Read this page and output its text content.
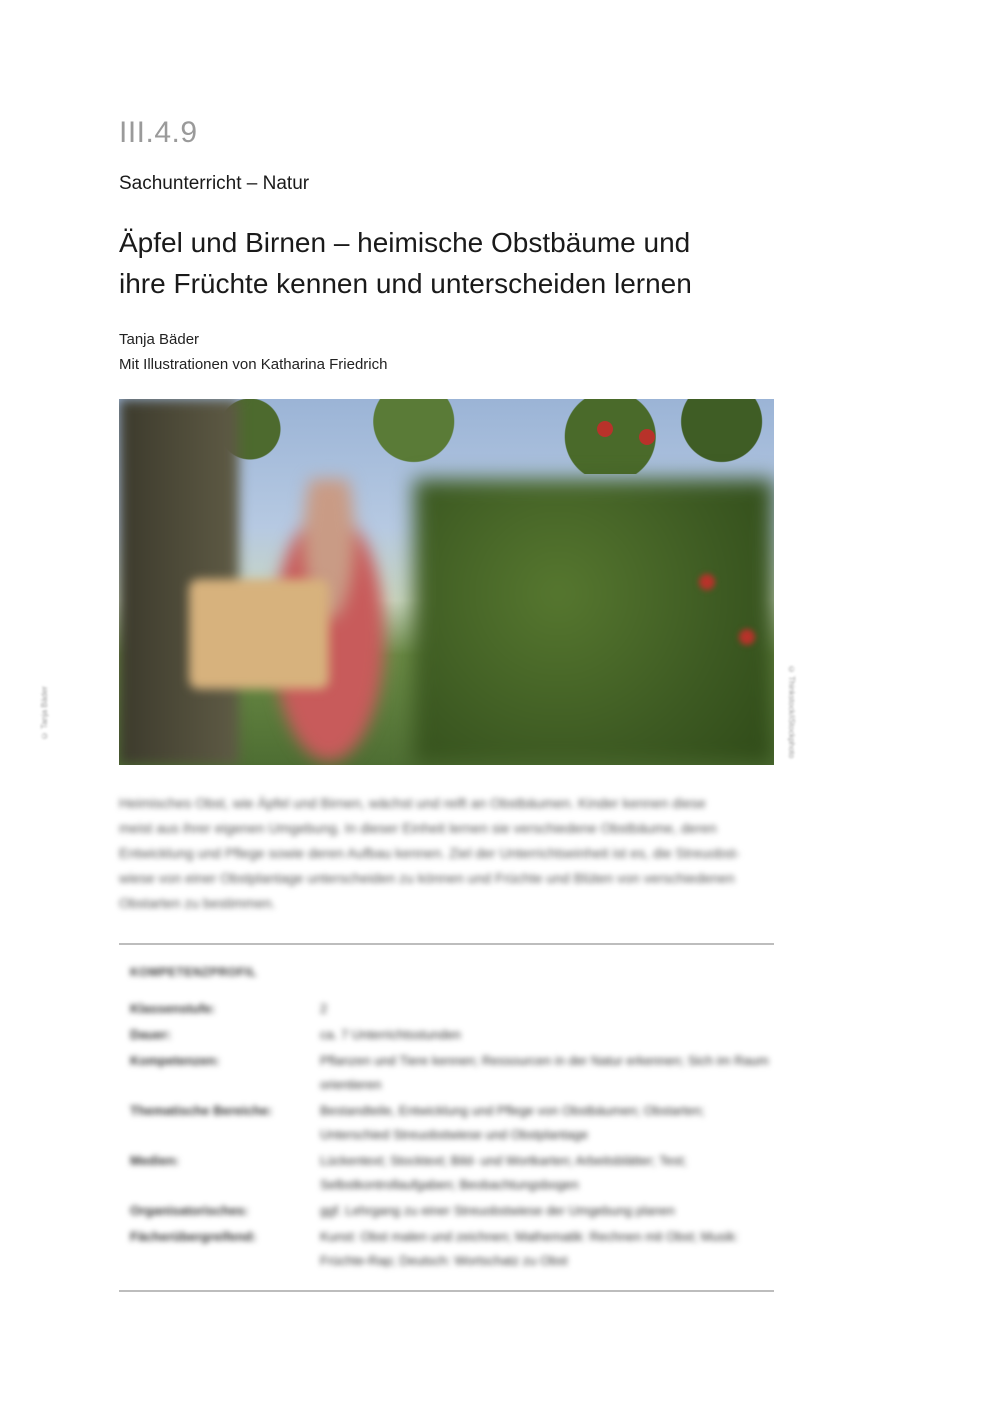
III.4.9
Sachunterricht – Natur
Äpfel und Birnen – heimische Obstbäume und
ihre Früchte kennen und unterscheiden lernen
Tanja Bäder
Mit Illustrationen von Katharina Friedrich
© Tanja Bäder	© Thinkstock/iStockphoto
Heimisches Obst, wie Äpfel und Birnen, wächst und reift an Obstbäumen. Kinder kennen diese
meist aus ihrer eigenen Umgebung. In dieser Einheit lernen sie verschiedene Obstbäume, deren
Entwicklung und Pflege sowie deren Aufbau kennen. Ziel der Unterrichtseinheit ist es, die Streuobst-
wiese von einer Obstplantage unterscheiden zu können und Früchte und Blüten von verschiedenen
Obstarten zu bestimmen.
KOMPETENZPROFIL
Klassenstufe:	2
Dauer:	ca. 7 Unterrichtsstunden
Kompetenzen:	Pflanzen und Tiere kennen; Ressourcen in der Natur erkennen; Sich im Raum orientieren
Thematische Bereiche:	Bestandteile, Entwicklung und Pflege von Obstbäumen; Obstarten; Unterschied Streuobstwiese und Obstplantage
Medien:	Lückentext; Stocktext; Bild- und Wortkarten; Arbeitsblätter; Test; Selbstkontrollaufgaben; Beobachtungsbogen
Organisatorisches:	ggf. Lehrgang zu einer Streuobstwiese der Umgebung planen
Fächerübergreifend:	Kunst: Obst malen und zeichnen; Mathematik: Rechnen mit Obst; Musik: Früchte-Rap; Deutsch: Wortschatz zu Obst
